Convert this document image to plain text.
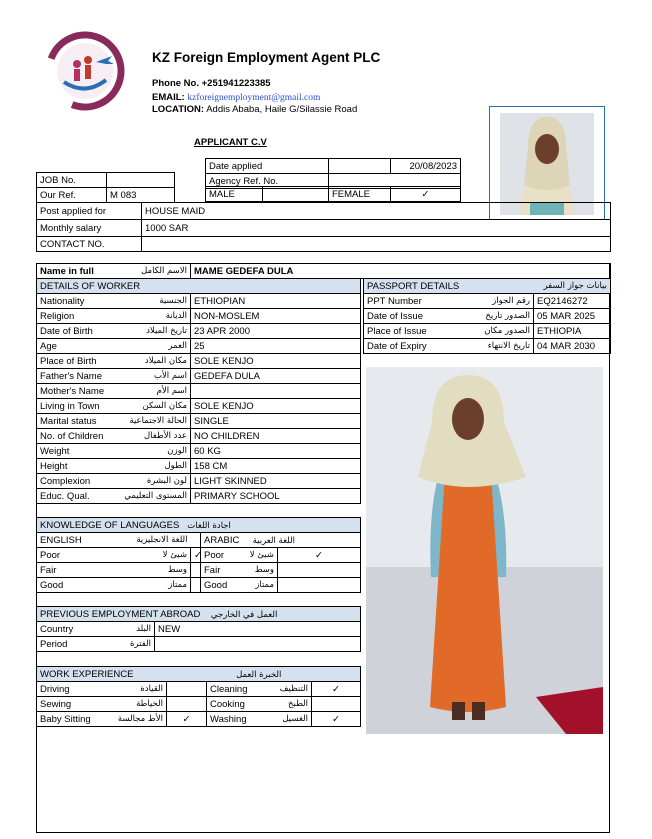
KZ Foreign Employment Agent PLC
Phone No. +251941223385
EMAIL: kzforeignemployment@gmail.com
LOCATION: Addis Ababa, Haile G/Silassie Road
APPLICANT C.V
Date applied		20/08/2023
Agency Ref. No.		
MALE		FEMALE	✓
JOB No.	
Our Ref.	M 083
Post applied for	HOUSE MAID
Monthly salary	1000 SAR
CONTACT NO.	
Name in full	الاسم الكامل	MAME GEDEFA DULA
DETAILS OF WORKER	

Nationality الجنسية	ETHIOPIAN

Religion الديانة	NON-MOSLEM

Date of Birth تاريخ الميلاد	23 APR 2000

Age العمر	25

Place of Birth مكان الميلاد	SOLE KENJO

Father's Name اسم الأب	GEDEFA DULA

Mother's Name اسم الأم	

Living in Town مكان السكن	SOLE KENJO

Marital status الحالة الاجتماعية	SINGLE

No. of Children عدد الأطفال	NO CHILDREN

Weight الوزن	60 KG

Height الطول	158 CM

Complexion لون البشرة	LIGHT SKINNED

Educ. Qual. المستوى التعليمي	PRIMARY SCHOOL
PASSPORT DETAILS بيانات جواز السفر	

PPT Number رقم الجواز	EQ2146272

Date of Issue الصدور تاريخ	05 MAR 2025

Place of Issue الصدور مكان	ETHIOPIA

Date of Expiry تاريخ الانتهاء	04 MAR 2030
KNOWLEDGE OF LANGUAGES اجادة اللغات			

ENGLISH اللغة الانجليزية		ARABIC اللغة العربية	

Poor شيئ لا	✓	Poor شيئ لا	✓

Fair وسط		Fair وسط	

Good ممتاز		Good ممتاز	

PREVIOUS EMPLOYMENT ABROAD العمل في الخارجي	

Country البلد	NEW

Period الفترة	

WORK EXPERIENCE الخبرة العمل			

Driving القيادة		Cleaning التنظيف	✓

Sewing الخياطة		Cooking الطبخ	

Baby Sitting الأط مجالسة	✓	Washing الغسيل	✓
